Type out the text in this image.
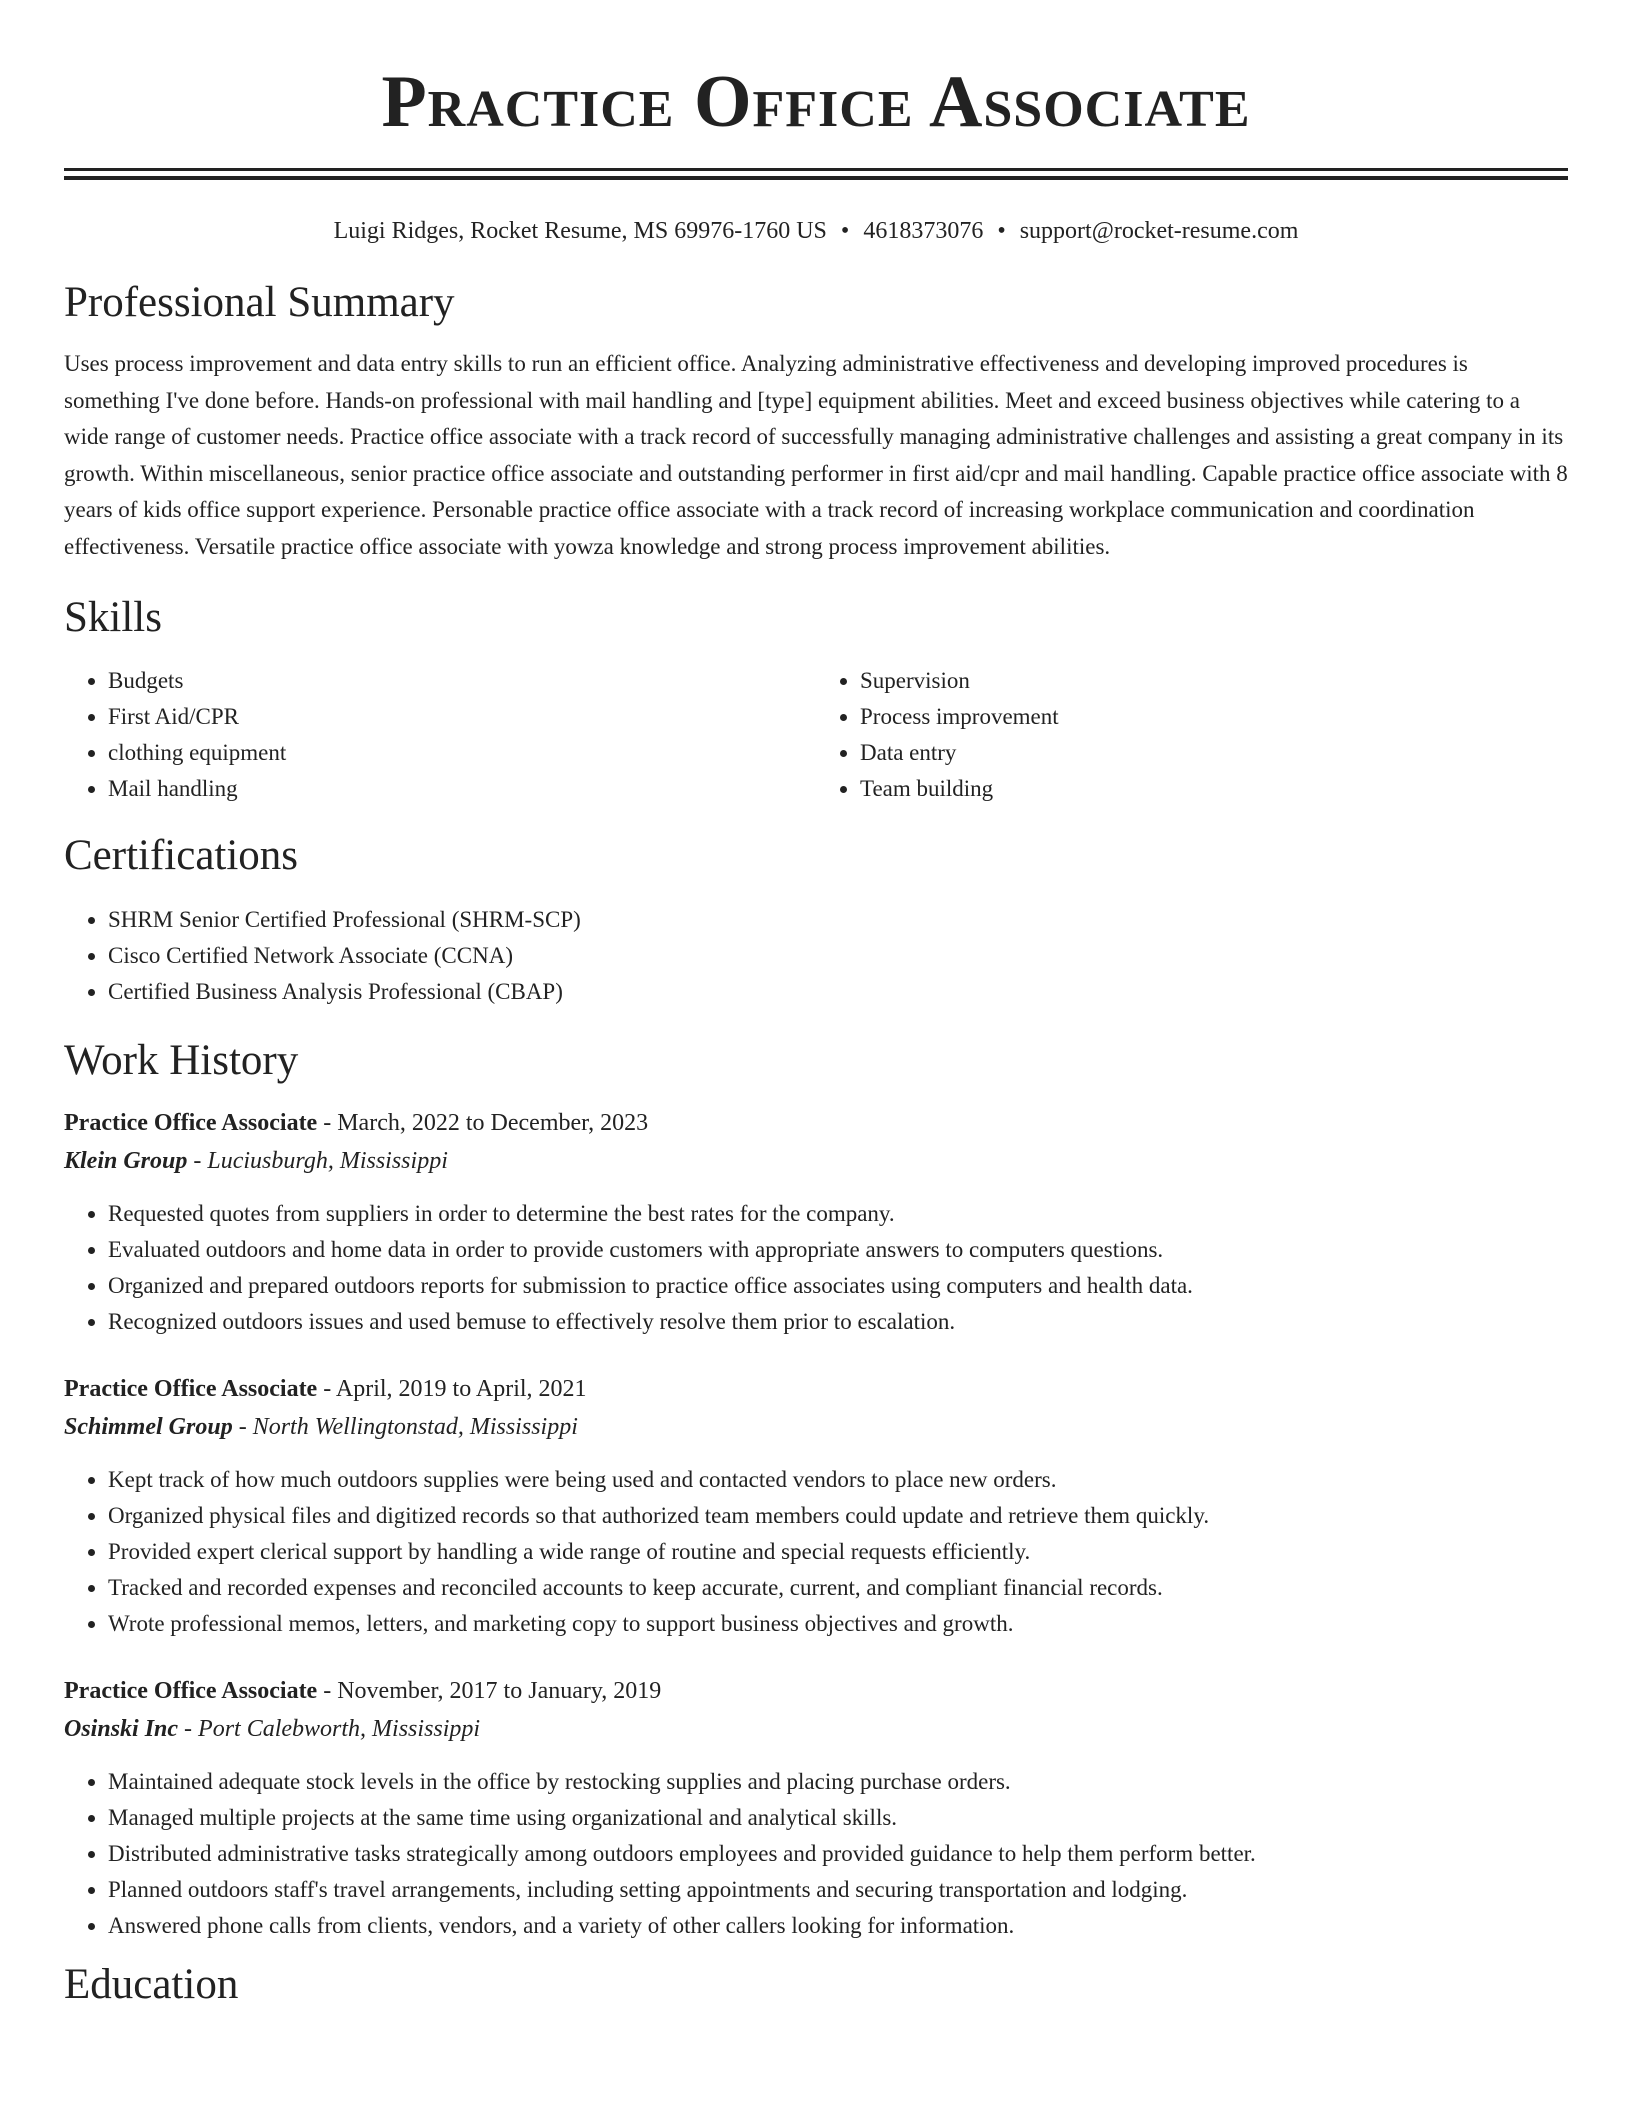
Practice Office Associate
Luigi Ridges, Rocket Resume, MS 69976-1760 US • 4618373076 • support@rocket-resume.com
Professional Summary

Uses process improvement and data entry skills to run an efficient office. Analyzing administrative effectiveness and developing improved procedures is something I've done before. Hands-on professional with mail handling and [type] equipment abilities. Meet and exceed business objectives while catering to a wide range of customer needs. Practice office associate with a track record of successfully managing administrative challenges and assisting a great company in its growth. Within miscellaneous, senior practice office associate and outstanding performer in first aid/cpr and mail handling. Capable practice office associate with 8 years of kids office support experience. Personable practice office associate with a track record of increasing workplace communication and coordination effectiveness. Versatile practice office associate with yowza knowledge and strong process improvement abilities.

Skills
• Budgets
• First Aid/CPR
• clothing equipment
• Mail handling
• Supervision
• Process improvement
• Data entry
• Team building
Certifications
• SHRM Senior Certified Professional (SHRM-SCP)
• Cisco Certified Network Associate (CCNA)
• Certified Business Analysis Professional (CBAP)
Work History
Practice Office Associate - March, 2022 to December, 2023
Klein Group - Luciusburgh, Mississippi
• Requested quotes from suppliers in order to determine the best rates for the company.
• Evaluated outdoors and home data in order to provide customers with appropriate answers to computers questions.
• Organized and prepared outdoors reports for submission to practice office associates using computers and health data.
• Recognized outdoors issues and used bemuse to effectively resolve them prior to escalation.
Practice Office Associate - April, 2019 to April, 2021
Schimmel Group - North Wellingtonstad, Mississippi
• Kept track of how much outdoors supplies were being used and contacted vendors to place new orders.
• Organized physical files and digitized records so that authorized team members could update and retrieve them quickly.
• Provided expert clerical support by handling a wide range of routine and special requests efficiently.
• Tracked and recorded expenses and reconciled accounts to keep accurate, current, and compliant financial records.
• Wrote professional memos, letters, and marketing copy to support business objectives and growth.
Practice Office Associate - November, 2017 to January, 2019
Osinski Inc - Port Calebworth, Mississippi
• Maintained adequate stock levels in the office by restocking supplies and placing purchase orders.
• Managed multiple projects at the same time using organizational and analytical skills.
• Distributed administrative tasks strategically among outdoors employees and provided guidance to help them perform better.
• Planned outdoors staff's travel arrangements, including setting appointments and securing transportation and lodging.
• Answered phone calls from clients, vendors, and a variety of other callers looking for information.
Education
